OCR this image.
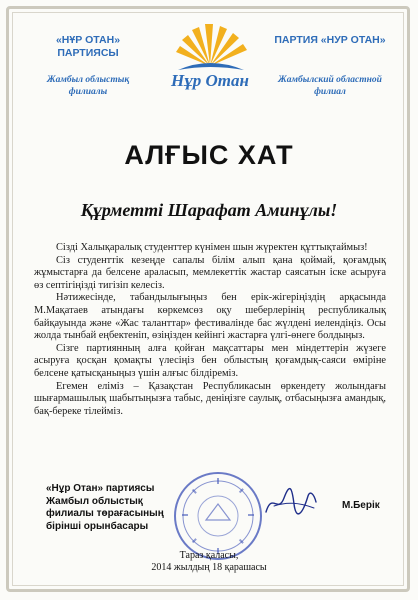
«НҰР ОТАН» ПАРТИЯСЫ
Жамбыл облыстық филиалы
Нұр Отан
ПАРТИЯ «НУР ОТАН»
Жамбылский областной филиал
АЛҒЫС ХАТ
Құрметті Шарафат Аминұлы!

Сізді Халықаралық студенттер күнімен шын жүректен құттықтаймыз!

Сіз студенттік кезеңде сапалы білім алып қана қоймай, қоғамдық жұмыстарға да белсене араласып, мемлекеттік жастар саясатын іске асыруға өз септігіңізді тигізіп келесіз.

Нәтижесінде, табандылығыңыз бен ерік-жігеріңіздің арқасында М.Мақатаев атындағы көркемсөз оқу шеберлерінің республикалық байқауында және «Жас таланттар» фестивалінде бас жүлдені иелендіңіз. Осы жолда тынбай еңбектеніп, өзіңізден кейінгі жастарға үлгі-өнеге болдыңыз.

Сізге партиянның алға қойған мақсаттары мен міндеттерін жүзеге асыруға қосқан қомақты үлесіңіз бен облыстың қоғамдық-саяси өміріне белсене қатысқаныңыз үшін алғыс білдіреміз.

Егемен еліміз – Қазақстан Республикасын өркендету жолындағы шығармашылық шабытыңызға табыс, деніңізге саулық, отбасыңызға амандық, бақ-береке тілейміз.

«Нұр Отан» партиясы
Жамбыл облыстық
филиалы төрағасының
бірінші орынбасары
М.Берік
Тараз қаласы,
2014 жылдың 18 қарашасы
